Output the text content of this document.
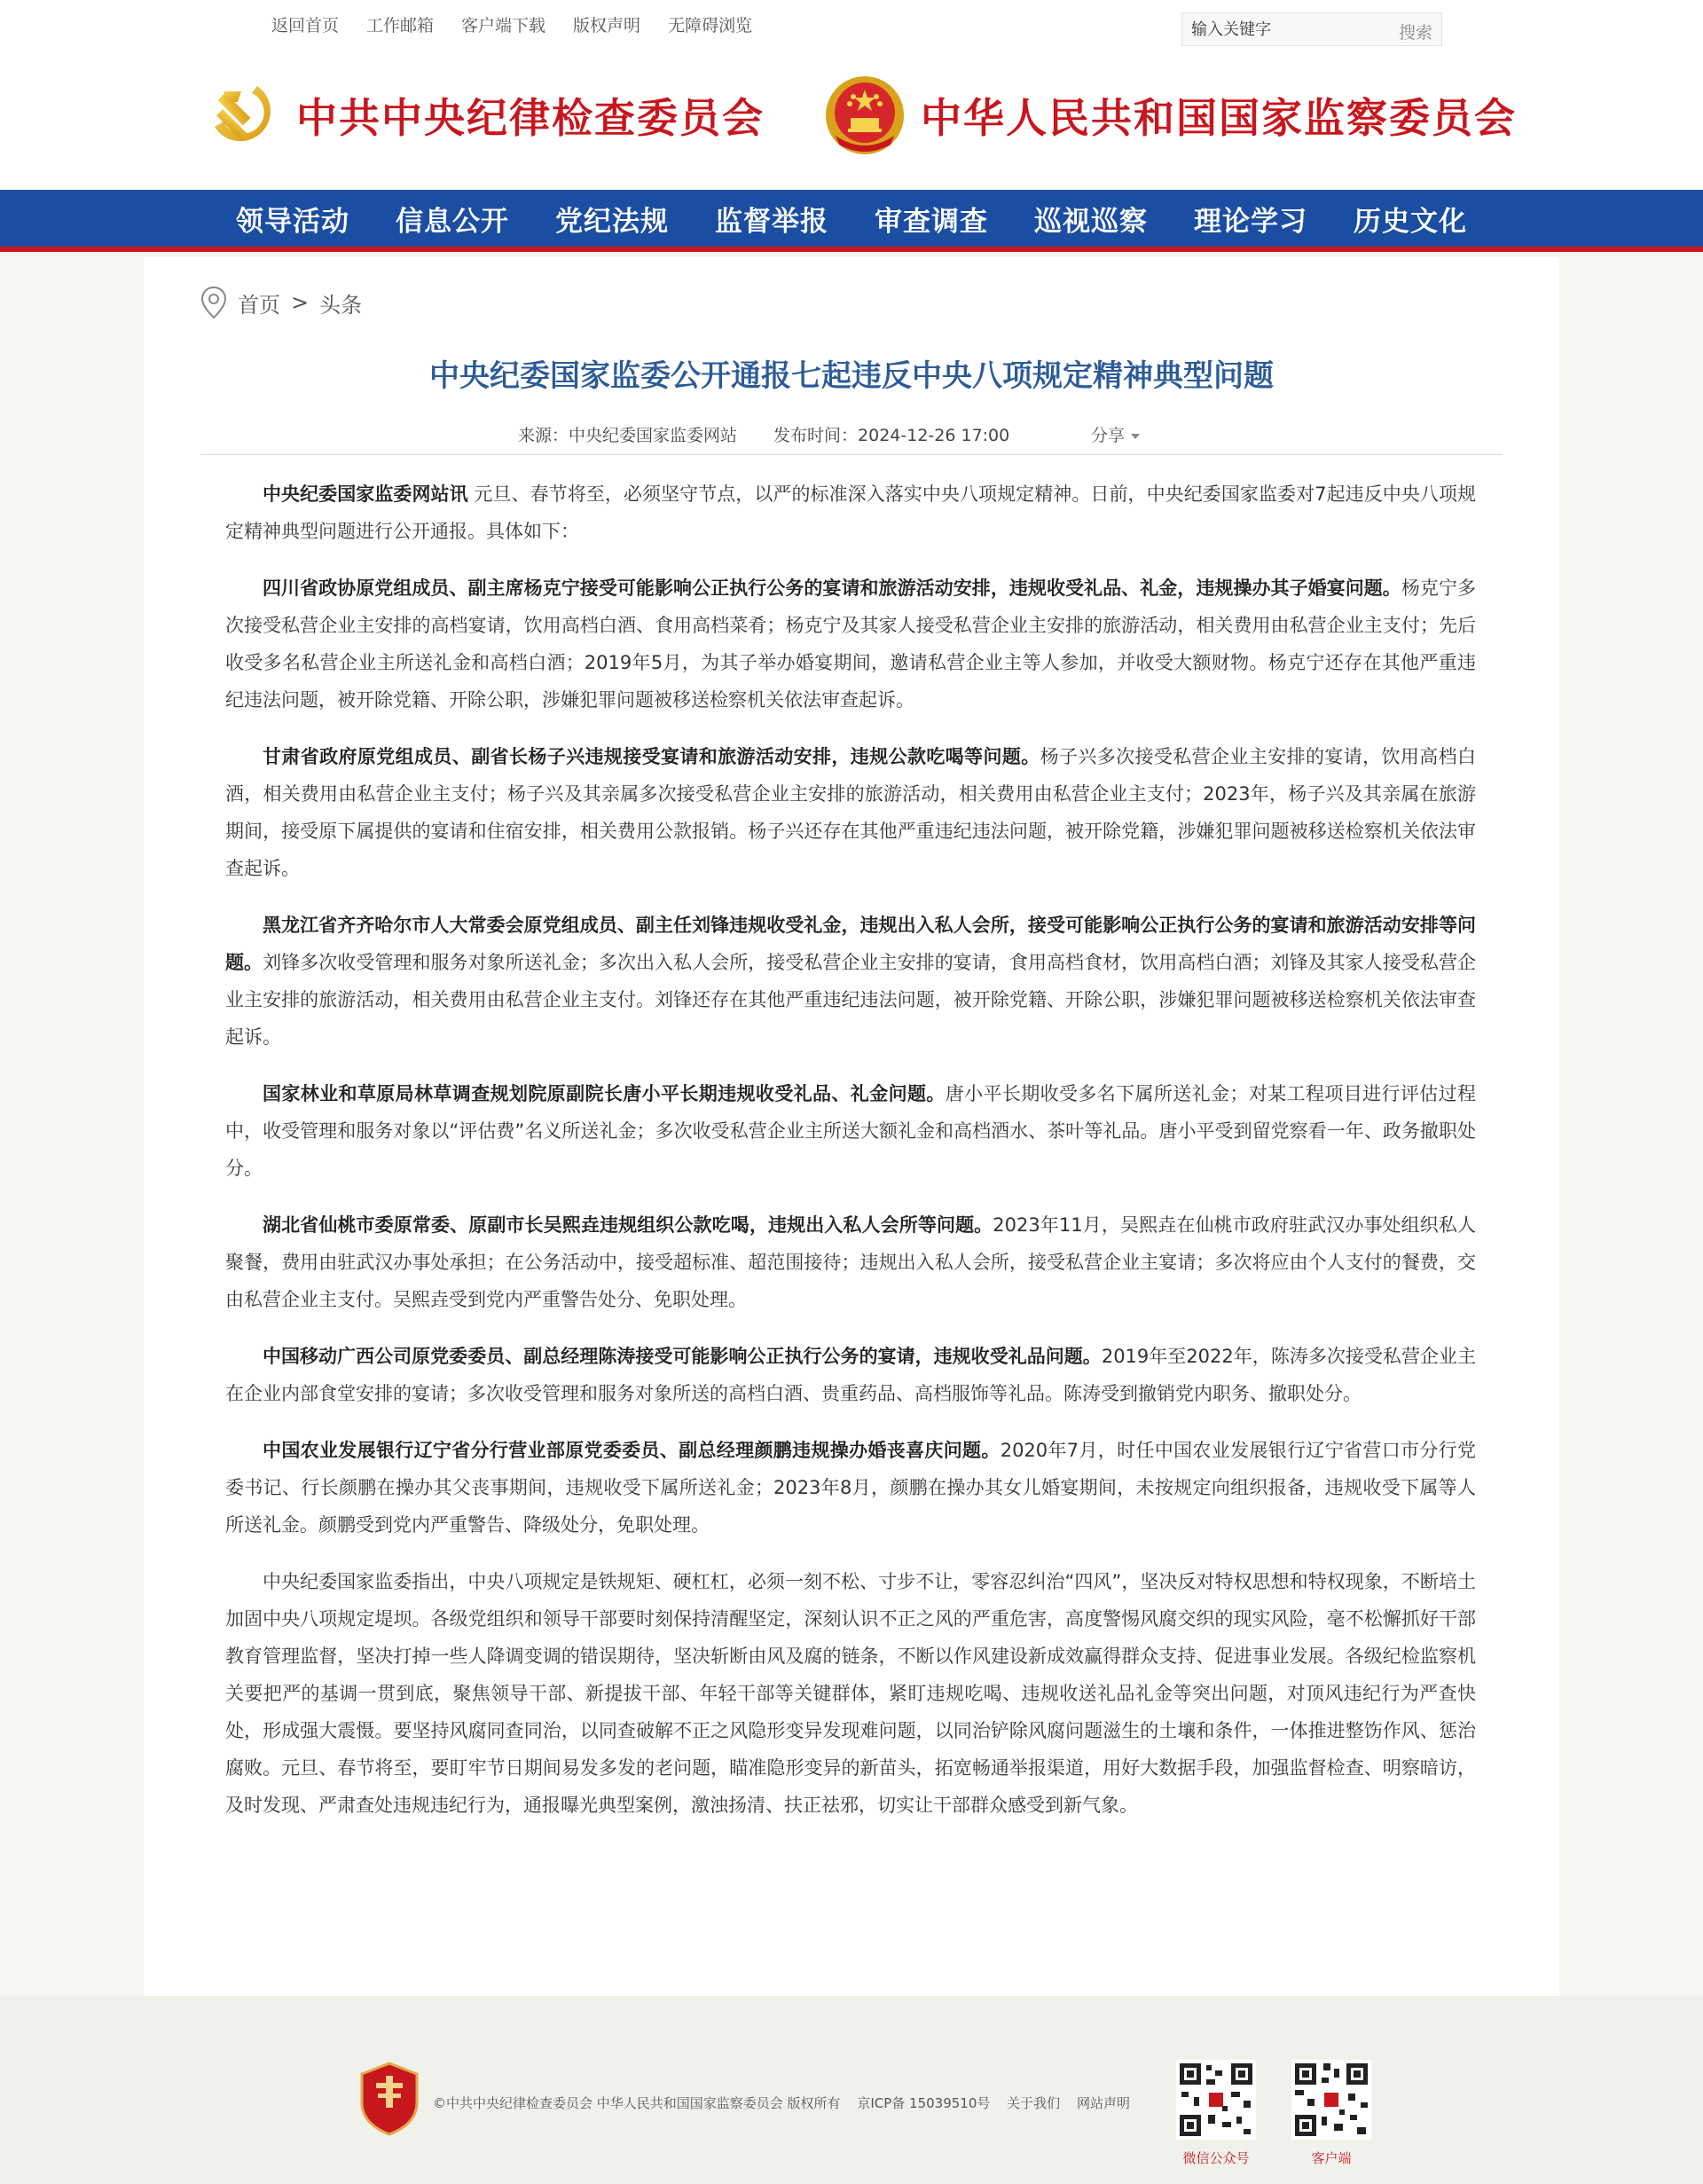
返回首页 工作邮箱 客户端下载 版权声明 无障碍浏览
输入关键字	搜索
中共中央纪律检查委员会	中华人民共和国国家监察委员会
领导活动 信息公开 党纪法规 监督举报 审查调查 巡视巡察 理论学习 历史文化
首页 > 头条
中央纪委国家监委公开通报七起违反中央八项规定精神典型问题
来源：中央纪委国家监委网站 发布时间：2024-12-26 17:00	分享

中央纪委国家监委网站讯 元旦、春节将至，必须坚守节点，以严的标准深入落实中央八项规定精神。日前，中央纪委国家监委对7起违反中央八项规定精神典型问题进行公开通报。具体如下：

四川省政协原党组成员、副主席杨克宁接受可能影响公正执行公务的宴请和旅游活动安排，违规收受礼品、礼金，违规操办其子婚宴问题。杨克宁多次接受私营企业主安排的高档宴请，饮用高档白酒、食用高档菜肴；杨克宁及其家人接受私营企业主安排的旅游活动，相关费用由私营企业主支付；先后收受多名私营企业主所送礼金和高档白酒；2019年5月，为其子举办婚宴期间，邀请私营企业主等人参加，并收受大额财物。杨克宁还存在其他严重违纪违法问题，被开除党籍、开除公职，涉嫌犯罪问题被移送检察机关依法审查起诉。

甘肃省政府原党组成员、副省长杨子兴违规接受宴请和旅游活动安排，违规公款吃喝等问题。杨子兴多次接受私营企业主安排的宴请，饮用高档白酒，相关费用由私营企业主支付；杨子兴及其亲属多次接受私营企业主安排的旅游活动，相关费用由私营企业主支付；2023年，杨子兴及其亲属在旅游期间，接受原下属提供的宴请和住宿安排，相关费用公款报销。杨子兴还存在其他严重违纪违法问题，被开除党籍，涉嫌犯罪问题被移送检察机关依法审查起诉。

黑龙江省齐齐哈尔市人大常委会原党组成员、副主任刘锋违规收受礼金，违规出入私人会所，接受可能影响公正执行公务的宴请和旅游活动安排等问题。刘锋多次收受管理和服务对象所送礼金；多次出入私人会所，接受私营企业主安排的宴请，食用高档食材，饮用高档白酒；刘锋及其家人接受私营企业主安排的旅游活动，相关费用由私营企业主支付。刘锋还存在其他严重违纪违法问题，被开除党籍、开除公职，涉嫌犯罪问题被移送检察机关依法审查起诉。

国家林业和草原局林草调查规划院原副院长唐小平长期违规收受礼品、礼金问题。唐小平长期收受多名下属所送礼金；对某工程项目进行评估过程中，收受管理和服务对象以“评估费”名义所送礼金；多次收受私营企业主所送大额礼金和高档酒水、茶叶等礼品。唐小平受到留党察看一年、政务撤职处分。

湖北省仙桃市委原常委、原副市长吴熙垚违规组织公款吃喝，违规出入私人会所等问题。2023年11月，吴熙垚在仙桃市政府驻武汉办事处组织私人聚餐，费用由驻武汉办事处承担；在公务活动中，接受超标准、超范围接待；违规出入私人会所，接受私营企业主宴请；多次将应由个人支付的餐费，交由私营企业主支付。吴熙垚受到党内严重警告处分、免职处理。

中国移动广西公司原党委委员、副总经理陈涛接受可能影响公正执行公务的宴请，违规收受礼品问题。2019年至2022年，陈涛多次接受私营企业主在企业内部食堂安排的宴请；多次收受管理和服务对象所送的高档白酒、贵重药品、高档服饰等礼品。陈涛受到撤销党内职务、撤职处分。

中国农业发展银行辽宁省分行营业部原党委委员、副总经理颜鹏违规操办婚丧喜庆问题。2020年7月，时任中国农业发展银行辽宁省营口市分行党委书记、行长颜鹏在操办其父丧事期间，违规收受下属所送礼金；2023年8月，颜鹏在操办其女儿婚宴期间，未按规定向组织报备，违规收受下属等人所送礼金。颜鹏受到党内严重警告、降级处分，免职处理。

中央纪委国家监委指出，中央八项规定是铁规矩、硬杠杠，必须一刻不松、寸步不让，零容忍纠治“四风”，坚决反对特权思想和特权现象，不断培土加固中央八项规定堤坝。各级党组织和领导干部要时刻保持清醒坚定，深刻认识不正之风的严重危害，高度警惕风腐交织的现实风险，毫不松懈抓好干部教育管理监督，坚决打掉一些人降调变调的错误期待，坚决斩断由风及腐的链条，不断以作风建设新成效赢得群众支持、促进事业发展。各级纪检监察机关要把严的基调一贯到底，聚焦领导干部、新提拔干部、年轻干部等关键群体，紧盯违规吃喝、违规收送礼品礼金等突出问题，对顶风违纪行为严查快处，形成强大震慑。要坚持风腐同查同治，以同查破解不正之风隐形变异发现难问题，以同治铲除风腐问题滋生的土壤和条件，一体推进整饬作风、惩治腐败。元旦、春节将至，要盯牢节日期间易发多发的老问题，瞄准隐形变异的新苗头，拓宽畅通举报渠道，用好大数据手段，加强监督检查、明察暗访，及时发现、严肃查处违规违纪行为，通报曝光典型案例，激浊扬清、扶正祛邪，切实让干部群众感受到新气象。

©中共中央纪律检查委员会 中华人民共和国国家监察委员会 版权所有 京ICP备 15039510号 关于我们 网站声明
微信公众号	客户端
